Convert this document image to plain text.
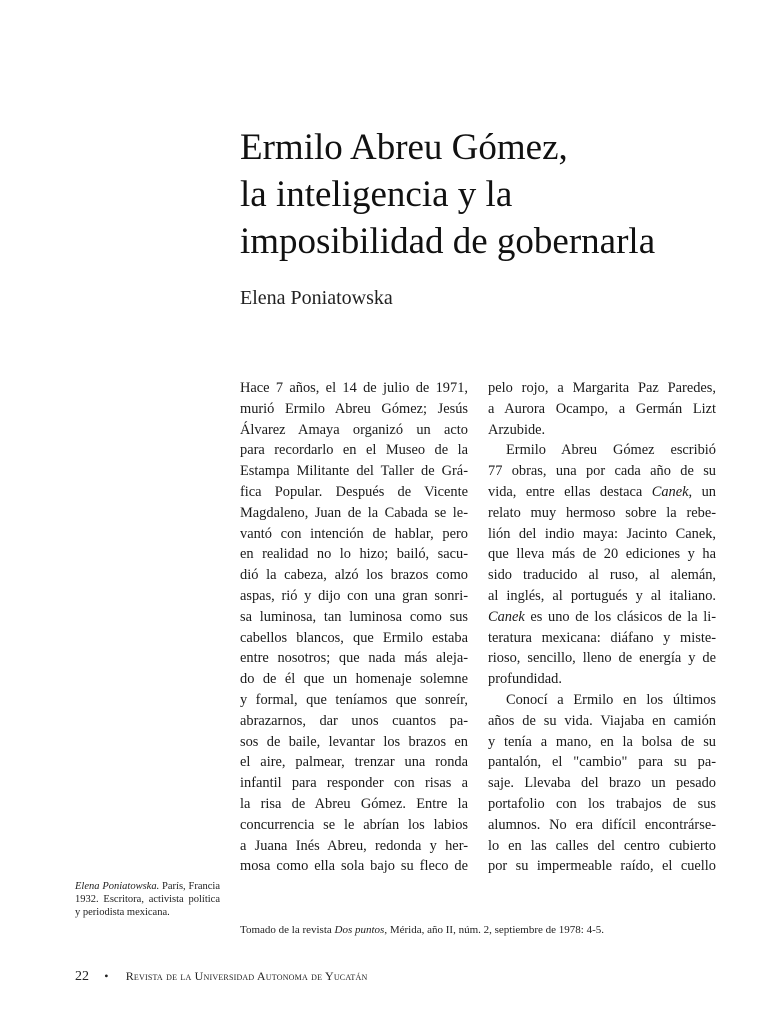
Ermilo Abreu Gómez,
la inteligencia y la
imposibilidad de gobernarla
Elena Poniatowska

Hace 7 años, el 14 de julio de 1971,
murió Ermilo Abreu Gómez; Jesús
Álvarez Amaya organizó un acto
para recordarlo en el Museo de la
Estampa Militante del Taller de Grá-
fica Popular. Después de Vicente
Magdaleno, Juan de la Cabada se le-
vantó con intención de hablar, pero
en realidad no lo hizo; bailó, sacu-
dió la cabeza, alzó los brazos como
aspas, rió y dijo con una gran sonri-
sa luminosa, tan luminosa como sus
cabellos blancos, que Ermilo estaba
entre nosotros; que nada más alejа-
do de él que un homenaje solemne
y formal, que teníamos que sonreír,
abrazarnos, dar unos cuantos pa-
sos de baile, levantar los brazos en
el aire, palmear, trenzar una ronda
infantil para responder con risas a
la risa de Abreu Gómez. Entre la
concurrencia se le abrían los labios
a Juana Inés Abreu, redonda y her-
mosa como ella sola bajo su fleco de

pelo rojo, a Margarita Paz Paredes,
a Aurora Ocampo, a Germán Lizt
Arzubide.

Ermilo Abreu Gómez escribió
77 obras, una por cada año de su
vida, entre ellas destaca Canek, un
relato muy hermoso sobre la rebe-
lión del indio maya: Jacinto Canek,
que lleva más de 20 ediciones y ha
sido traducido al ruso, al alemán,
al inglés, al portugués y al italiano.
Canek es uno de los clásicos de la li-
teratura mexicana: diáfano y miste-
rioso, sencillo, lleno de energía y de
profundidad.

Conocí a Ermilo en los últimos
años de su vida. Viajaba en camión
y tenía a mano, en la bolsa de su
pantalón, el "cambio" para su pa-
saje. Llevaba del brazo un pesado
portafolio con los trabajos de sus
alumnos. No era difícil encontrárse-
lo en las calles del centro cubierto
por su impermeable raído, el cuello

Elena Poniatowska. París, Francia 1932. Escritora, activista política y periodista mexicana.
Tomado de la revista Dos puntos, Mérida, año II, núm. 2, septiembre de 1978: 4-5.
22 • Revista de la Universidad Autonoma de Yucatán
